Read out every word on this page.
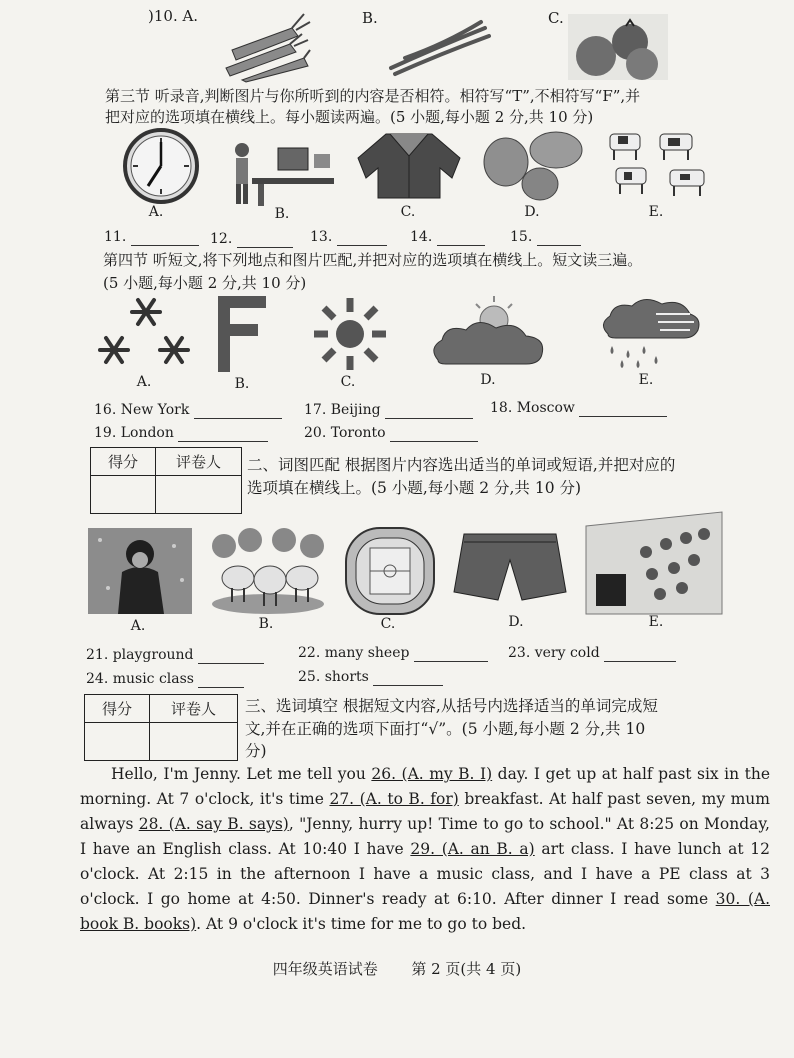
)10. A.	B.	C.
第三节 听录音,判断图片与你所听到的内容是否相符。相符写“T”,不相符写“F”,并
把对应的选项填在横线上。每小题读两遍。(5 小题,每小题 2 分,共 10 分)
A.	B.	C.	D.	E.
11.	12.	13.	14.	15.
第四节 听短文,将下列地点和图片匹配,并把对应的选项填在横线上。短文读三遍。
(5 小题,每小题 2 分,共 10 分)
A.	B.	C.	D.	E.
16. New York	17. Beijing	18. Moscow
19. London	20. Toronto
得分	评卷人
	二、词图匹配 根据图片内容选出适当的单词或短语,并把对应的
选项填在横线上。(5 小题,每小题 2 分,共 10 分)
A.	B.	C.	D.	E.
21. playground	22. many sheep	23. very cold
24. music class	25. shorts
得分	评卷人
	三、选词填空 根据短文内容,从括号内选择适当的单词完成短
文,并在正确的选项下面打“√”。(5 小题,每小题 2 分,共 10
分)

Hello, I'm Jenny. Let me tell you 26. (A. my B. I) day. I get up at half past six in the morning. At 7 o'clock, it's time 27. (A. to B. for) breakfast. At half past seven, my mum always 28. (A. say B. says), "Jenny, hurry up! Time to go to school." At 8:25 on Monday, I have an English class. At 10:40 I have 29. (A. an B. a) art class. I have lunch at 12 o'clock. At 2:15 in the afternoon I have a music class, and I have a PE class at 3 o'clock. I go home at 4:50. Dinner's ready at 6:10. After dinner I read some 30. (A. book B. books). At 9 o'clock it's time for me to go to bed.

四年级英语试卷 第 2 页(共 4 页)
